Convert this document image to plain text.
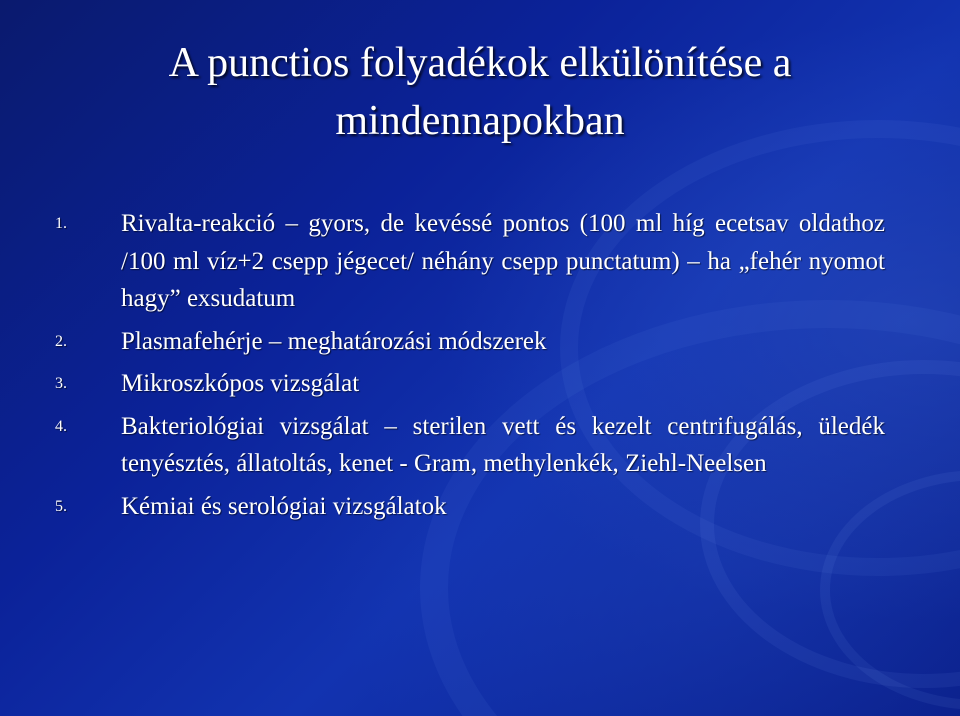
A punctios folyadékok elkülönítése a mindennapokban
1. Rivalta-reakció – gyors, de kevéssé pontos (100 ml híg ecetsav oldathoz /100 ml víz+2 csepp jégecet/ néhány csepp punctatum) – ha „fehér nyomot hagy” exsudatum
2. Plasmafehérje – meghatározási módszerek
3. Mikroszkópos vizsgálat
4. Bakteriológiai vizsgálat – sterilen vett és kezelt centrifugálás, üledék tenyésztés, állatoltás, kenet - Gram, methylenkék, Ziehl-Neelsen
5. Kémiai és serológiai vizsgálatok
